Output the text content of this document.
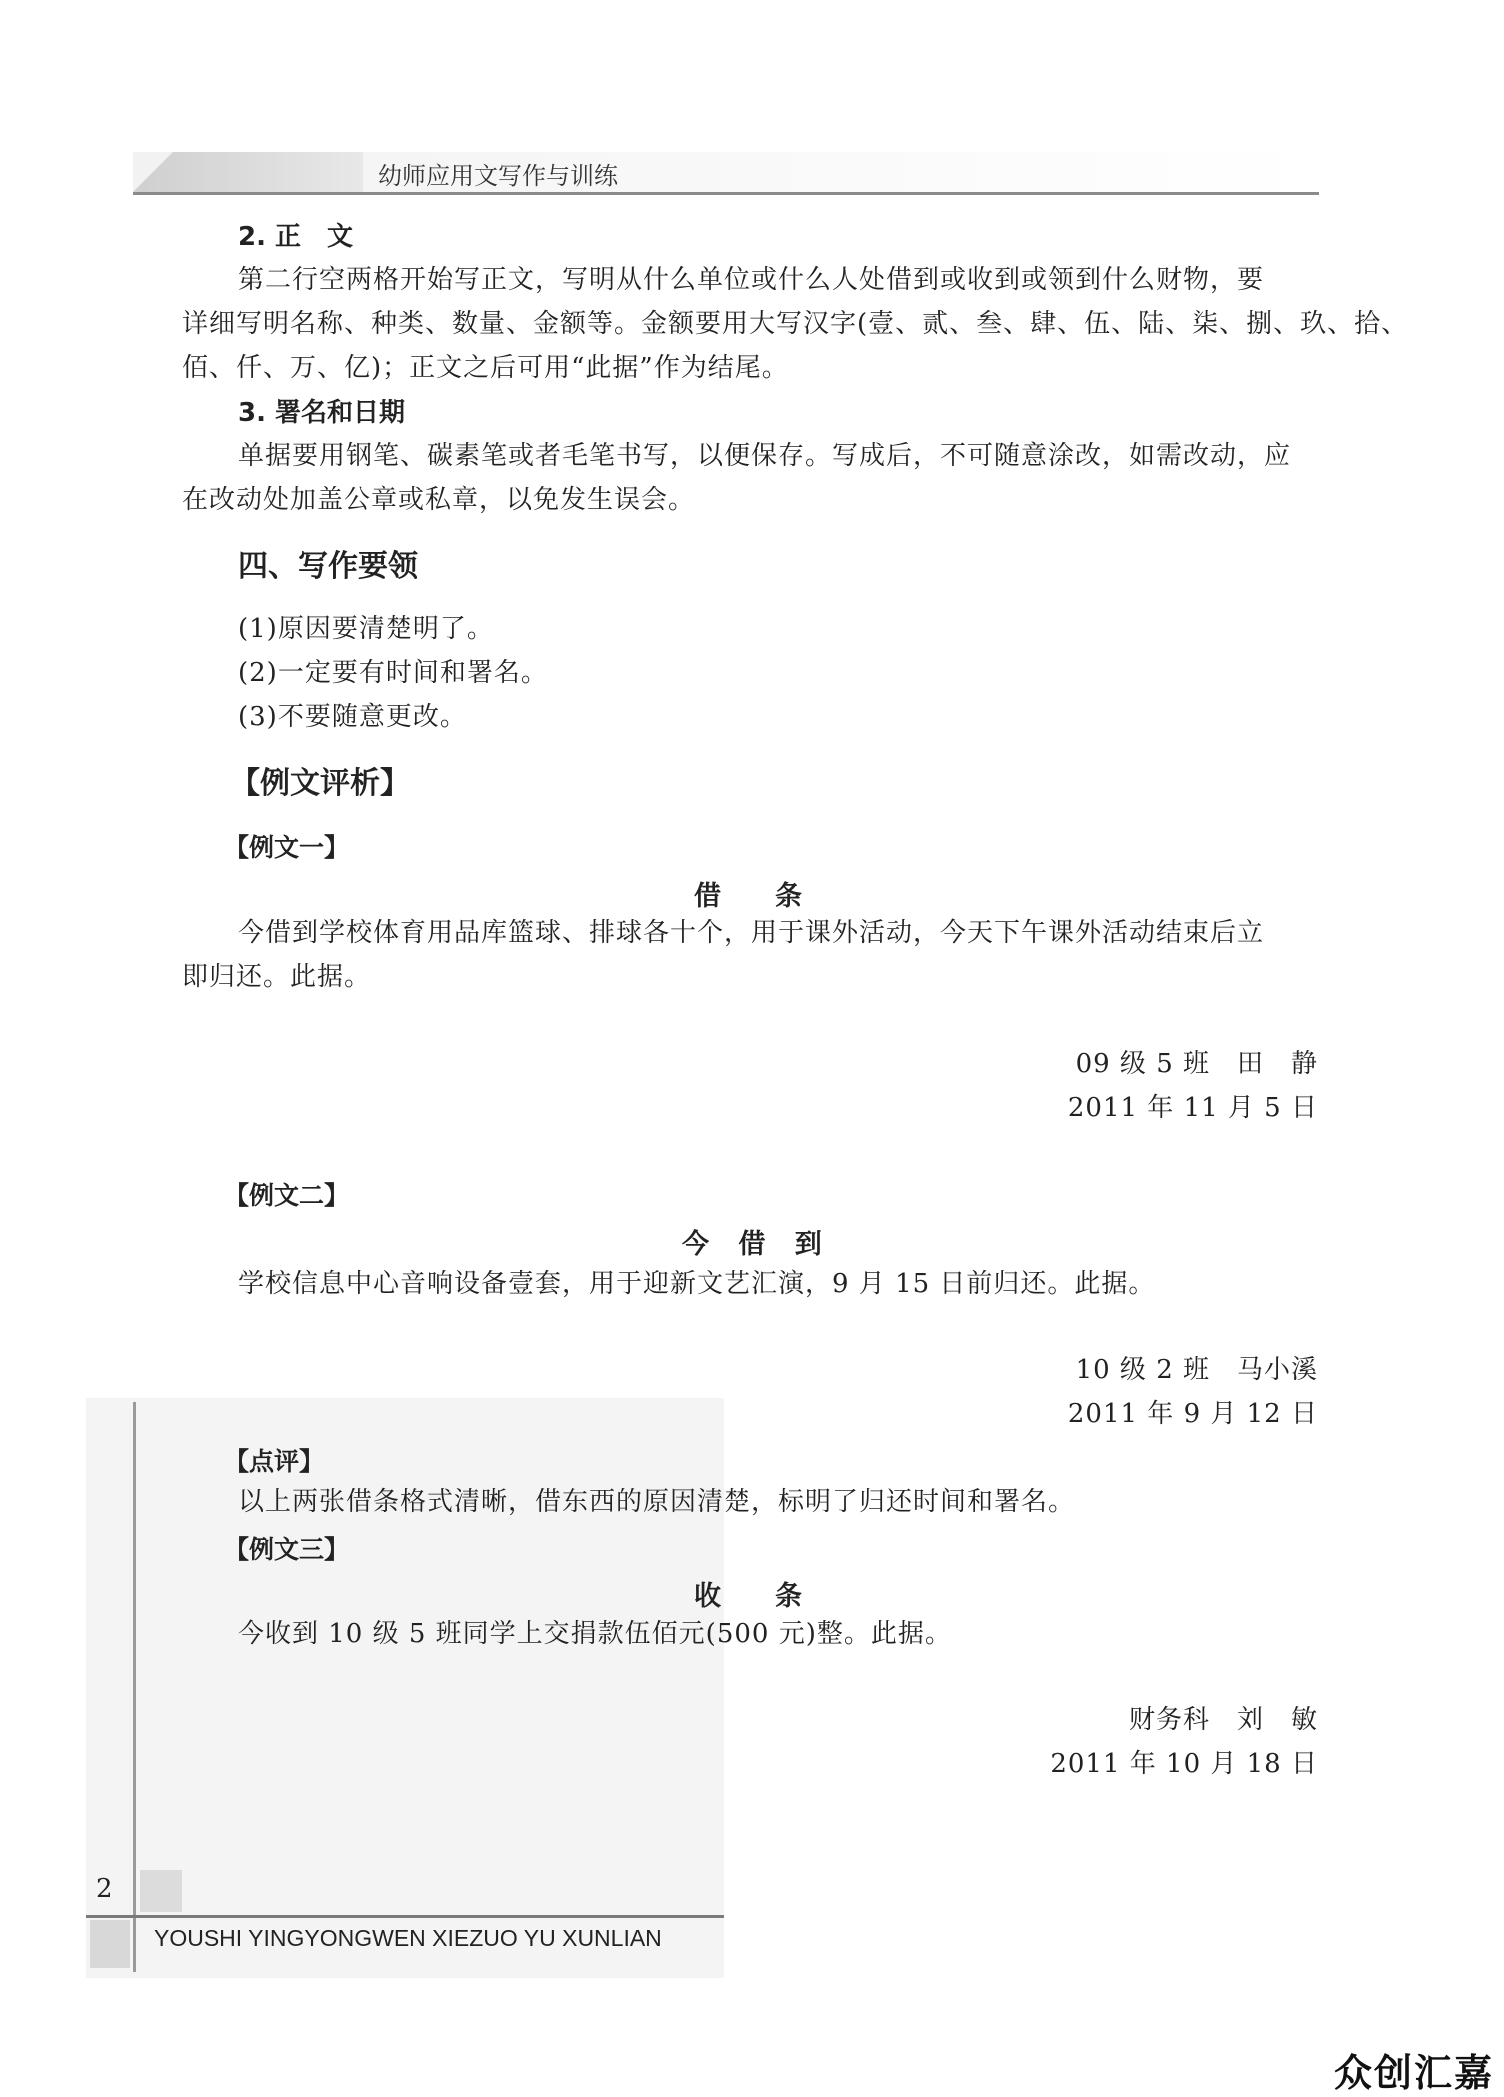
幼师应用文写作与训练
2. 正　文
第二行空两格开始写正文，写明从什么单位或什么人处借到或收到或领到什么财物，要
详细写明名称、种类、数量、金额等。金额要用大写汉字(壹、贰、叁、肆、伍、陆、柒、捌、玖、拾、
佰、仟、万、亿)；正文之后可用“此据”作为结尾。
3. 署名和日期
单据要用钢笔、碳素笔或者毛笔书写，以便保存。写成后，不可随意涂改，如需改动，应
在改动处加盖公章或私章，以免发生误会。
四、写作要领
(1)原因要清楚明了。
(2)一定要有时间和署名。
(3)不要随意更改。
【例文评析】
【例文一】
借　　条
今借到学校体育用品库篮球、排球各十个，用于课外活动，今天下午课外活动结束后立
即归还。此据。
09 级 5 班　田　静
2011 年 11 月 5 日
【例文二】
今 借 到
学校信息中心音响设备壹套，用于迎新文艺汇演，9 月 15 日前归还。此据。
10 级 2 班　马小溪
2011 年 9 月 12 日
【点评】
以上两张借条格式清晰，借东西的原因清楚，标明了归还时间和署名。
【例文三】
收　　条
今收到 10 级 5 班同学上交捐款伍佰元(500 元)整。此据。
财务科　刘　敏
2011 年 10 月 18 日
2
YOUSHI YINGYONGWEN XIEZUO YU XUNLIAN
众创汇嘉
